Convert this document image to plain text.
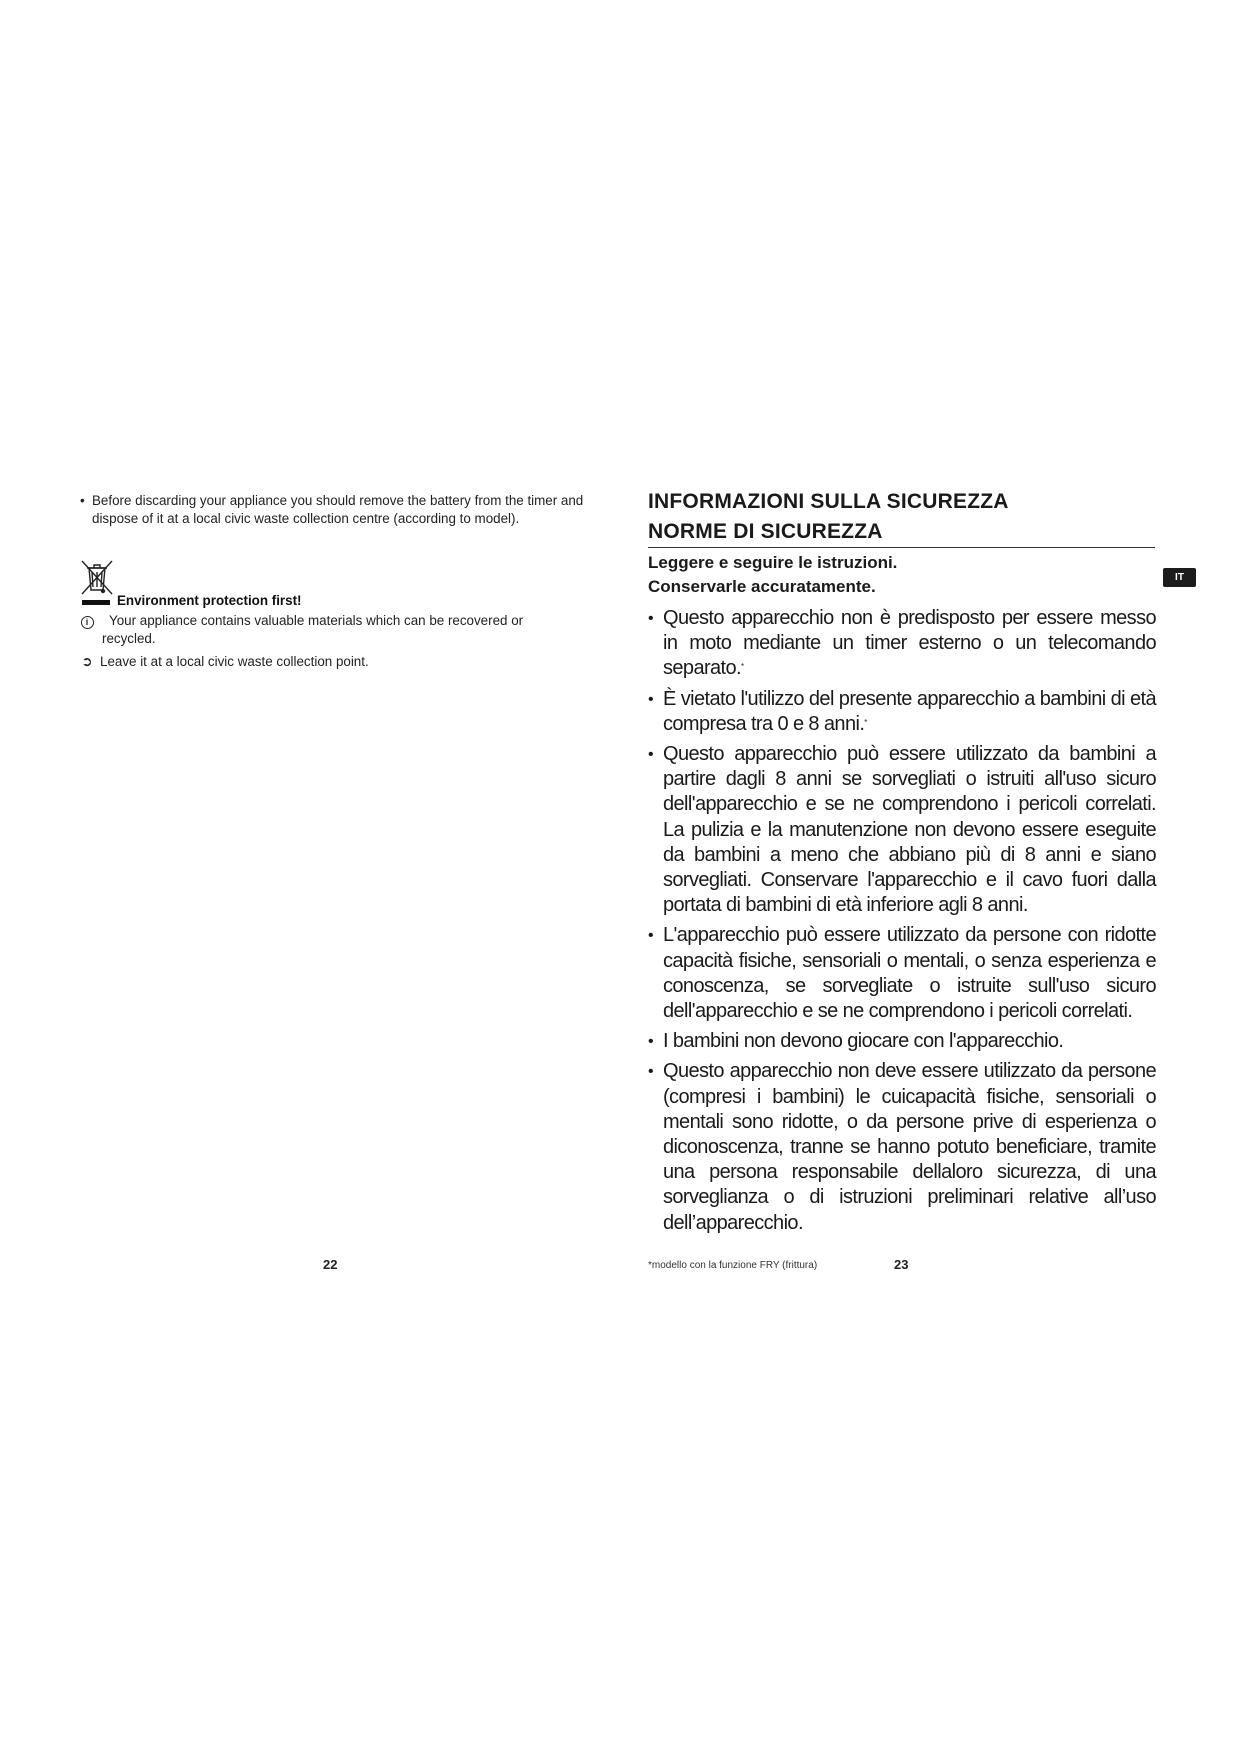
• Before discarding your appliance you should remove the battery from the timer and dispose of it at a local civic waste collection centre (according to model).
Environment protection first!
i	Your appliance contains valuable materials which can be recovered or recycled.
➲ Leave it at a local civic waste collection point.
22
INFORMAZIONI SULLA SICUREZZA
NORME DI SICUREZZA
Leggere e seguire le istruzioni.
Conservarle accuratamente.	IT
• Questo apparecchio non è predisposto per essere messo in moto mediante un timer esterno o un telecomando separato.*
• È vietato l'utilizzo del presente apparecchio a bambini di età compresa tra 0 e 8 anni.*
• Questo apparecchio può essere utilizzato da bambini a partire dagli 8 anni se sorvegliati o istruiti all'uso sicuro dell'apparecchio e se ne comprendono i pericoli correlati. La pulizia e la manutenzione non devono essere eseguite da bambini a meno che abbiano più di 8 anni e siano sorvegliati. Conservare l'apparecchio e il cavo fuori dalla portata di bambini di età inferiore agli 8 anni.
• L'apparecchio può essere utilizzato da persone con ridotte capacità fisiche, sensoriali o mentali, o senza esperienza e conoscenza, se sorvegliate o istruite sull'uso sicuro dell'apparecchio e se ne comprendono i pericoli correlati.
• I bambini non devono giocare con l'apparecchio.
• Questo apparecchio non deve essere utilizzato da persone (compresi i bambini) le cuicapacità fisiche, sensoriali o mentali sono ridotte, o da persone prive di esperienza o diconoscenza, tranne se hanno potuto beneficiare, tramite una persona responsabile dellaloro sicurezza, di una sorveglianza o di istruzioni preliminari relative all’uso dell’apparecchio.
*modello con la funzione FRY (frittura)	23
